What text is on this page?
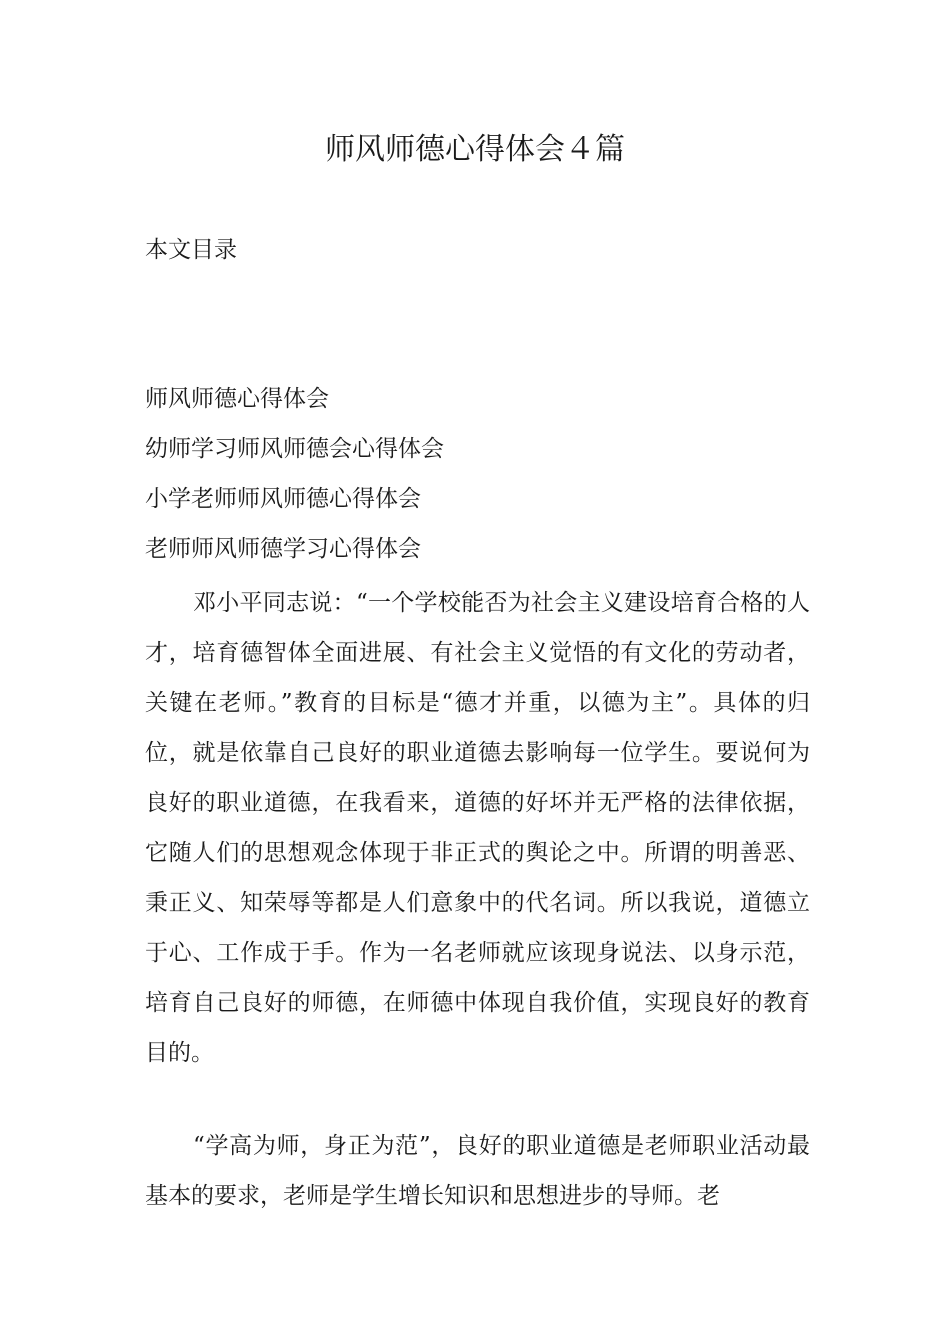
师风师德心得体会４篇
本文目录
师风师德心得体会
幼师学习师风师德会心得体会
小学老师师风师德心得体会
老师师风师德学习心得体会

邓小平同志说：“一个学校能否为社会主义建设培育合格的人才，培育德智体全面进展、有社会主义觉悟的有文化的劳动者，关键在老师。”教育的目标是“德才并重，以德为主”。具体的归位，就是依靠自己良好的职业道德去影响每一位学生。要说何为良好的职业道德，在我看来，道德的好坏并无严格的法律依据，它随人们的思想观念体现于非正式的舆论之中。所谓的明善恶、秉正义、知荣辱等都是人们意象中的代名词。所以我说，道德立于心、工作成于手。作为一名老师就应该现身说法、以身示范，培育自己良好的师德，在师德中体现自我价值，实现良好的教育目的。

“学高为师，身正为范”，良好的职业道德是老师职业活动最基本的要求，老师是学生增长知识和思想进步的导师。老
